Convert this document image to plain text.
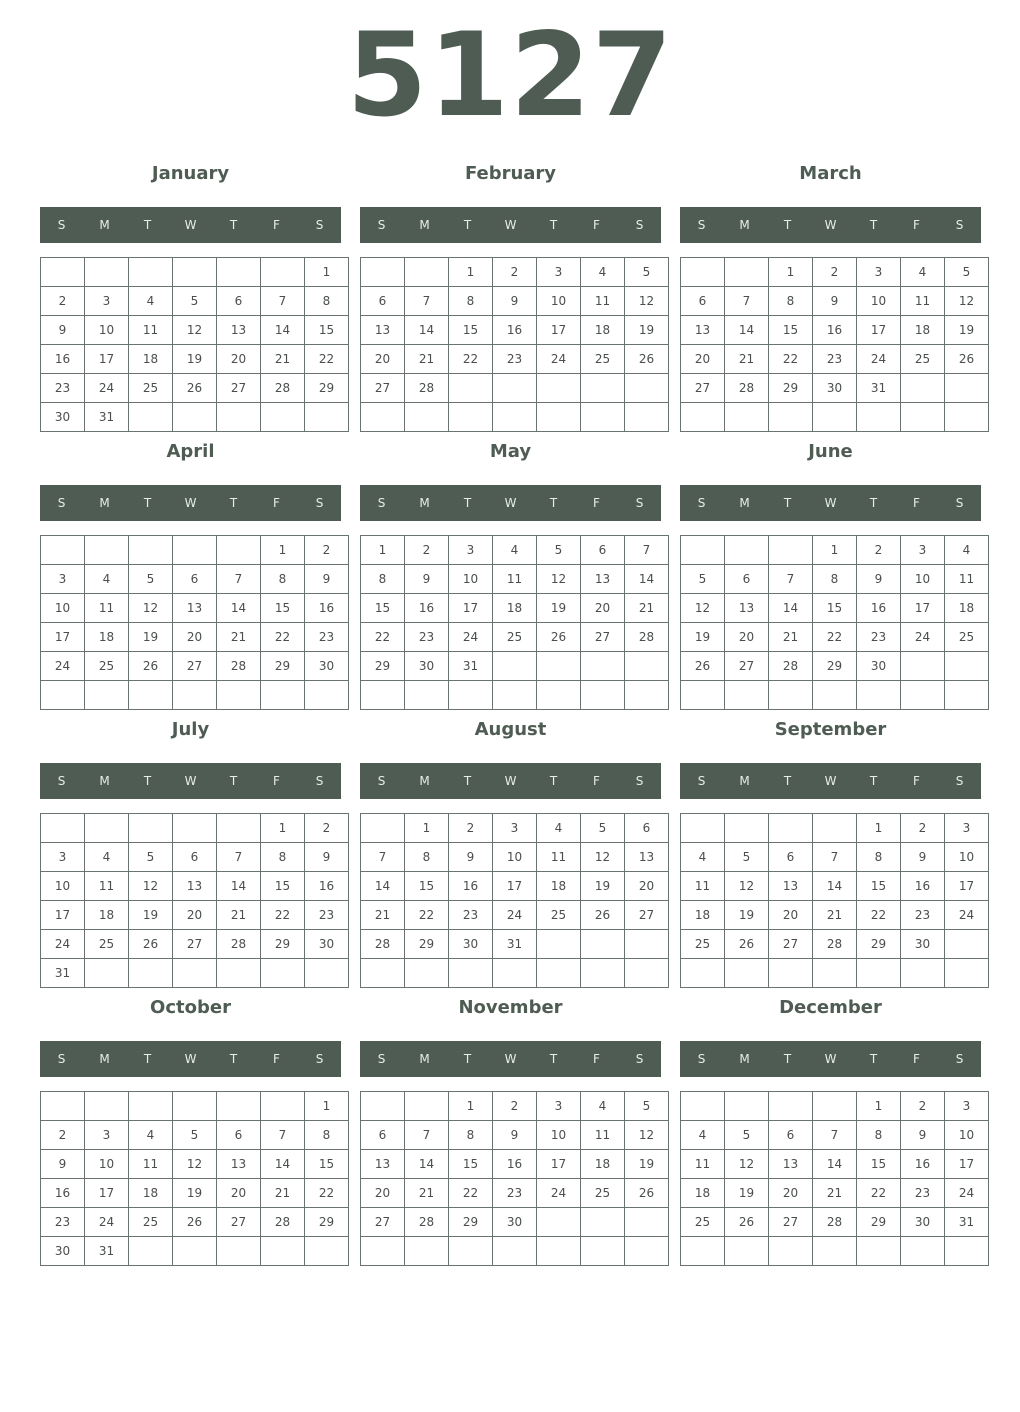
5127
January
S	M	T	W	T	F	S
						1
2	3	4	5	6	7	8
9	10	11	12	13	14	15
16	17	18	19	20	21	22
23	24	25	26	27	28	29
30	31					
February
S	M	T	W	T	F	S
		1	2	3	4	5
6	7	8	9	10	11	12
13	14	15	16	17	18	19
20	21	22	23	24	25	26
27	28					

March
S	M	T	W	T	F	S
		1	2	3	4	5
6	7	8	9	10	11	12
13	14	15	16	17	18	19
20	21	22	23	24	25	26
27	28	29	30	31		

April
S	M	T	W	T	F	S
					1	2
3	4	5	6	7	8	9
10	11	12	13	14	15	16
17	18	19	20	21	22	23
24	25	26	27	28	29	30

May
S	M	T	W	T	F	S
1	2	3	4	5	6	7
8	9	10	11	12	13	14
15	16	17	18	19	20	21
22	23	24	25	26	27	28
29	30	31				

June
S	M	T	W	T	F	S
			1	2	3	4
5	6	7	8	9	10	11
12	13	14	15	16	17	18
19	20	21	22	23	24	25
26	27	28	29	30		

July
S	M	T	W	T	F	S
					1	2
3	4	5	6	7	8	9
10	11	12	13	14	15	16
17	18	19	20	21	22	23
24	25	26	27	28	29	30
31						
August
S	M	T	W	T	F	S
	1	2	3	4	5	6
7	8	9	10	11	12	13
14	15	16	17	18	19	20
21	22	23	24	25	26	27
28	29	30	31			

September
S	M	T	W	T	F	S
				1	2	3
4	5	6	7	8	9	10
11	12	13	14	15	16	17
18	19	20	21	22	23	24
25	26	27	28	29	30	

October
S	M	T	W	T	F	S
						1
2	3	4	5	6	7	8
9	10	11	12	13	14	15
16	17	18	19	20	21	22
23	24	25	26	27	28	29
30	31					
November
S	M	T	W	T	F	S
		1	2	3	4	5
6	7	8	9	10	11	12
13	14	15	16	17	18	19
20	21	22	23	24	25	26
27	28	29	30			

December
S	M	T	W	T	F	S
				1	2	3
4	5	6	7	8	9	10
11	12	13	14	15	16	17
18	19	20	21	22	23	24
25	26	27	28	29	30	31
